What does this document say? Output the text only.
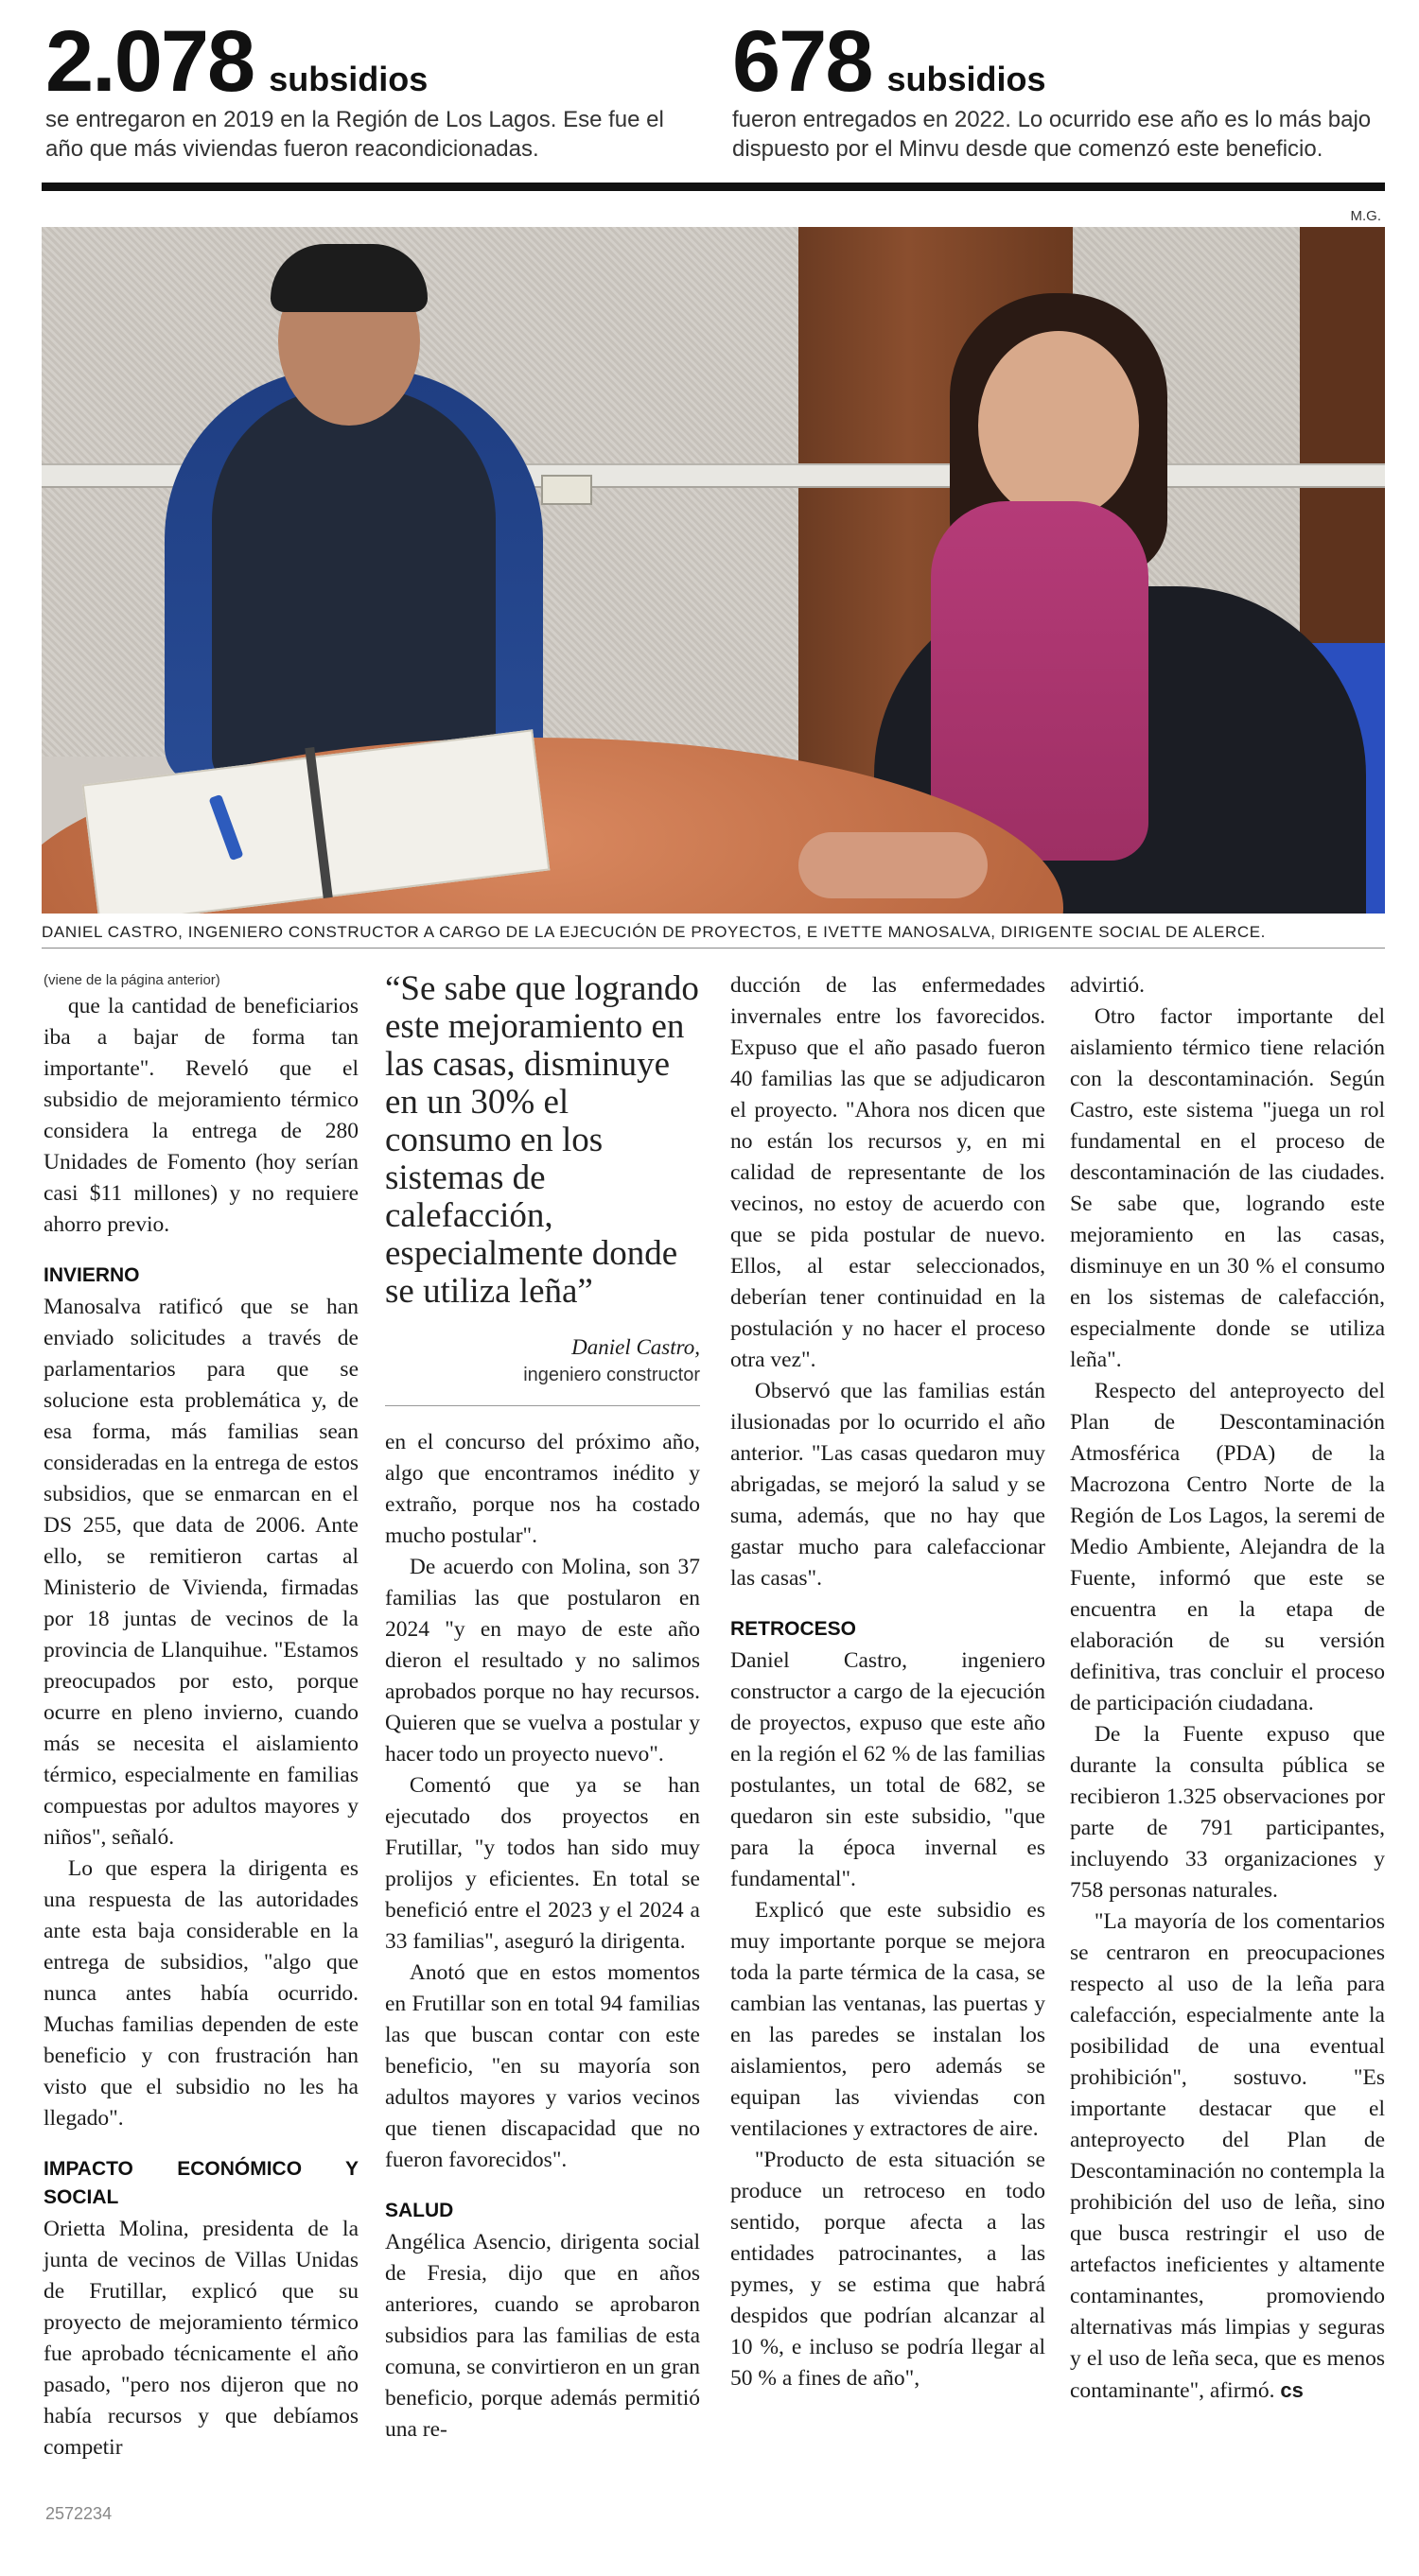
2.078 subsidios
se entregaron en 2019 en la Región de Los Lagos. Ese fue el año que más viviendas fueron reacondicionadas.
678 subsidios
fueron entregados en 2022. Lo ocurrido ese año es lo más bajo dispuesto por el Minvu desde que comenzó este beneficio.
M.G.
DANIEL CASTRO, INGENIERO CONSTRUCTOR A CARGO DE LA EJECUCIÓN DE PROYECTOS, E IVETTE MANOSALVA, DIRIGENTE SOCIAL DE ALERCE.

(viene de la página anterior)

que la cantidad de beneficiarios iba a bajar de forma tan importante". Reveló que el subsidio de mejoramiento térmico considera la entrega de 280 Unidades de Fomento (hoy serían casi $11 millones) y no requiere ahorro previo.

INVIERNO

Manosalva ratificó que se han enviado solicitudes a través de parlamentarios para que se solucione esta problemática y, de esa forma, más familias sean consideradas en la entrega de estos subsidios, que se enmarcan en el DS 255, que data de 2006. Ante ello, se remitieron cartas al Ministerio de Vivienda, firmadas por 18 juntas de vecinos de la provincia de Llanquihue. "Estamos preocupados por esto, porque ocurre en pleno invierno, cuando más se necesita el aislamiento térmico, especialmente en familias compuestas por adultos mayores y niños", señaló.

Lo que espera la dirigenta es una respuesta de las autoridades ante esta baja considerable en la entrega de subsidios, "algo que nunca antes había ocurrido. Muchas familias dependen de este beneficio y con frustración han visto que el subsidio no les ha llegado".

IMPACTO ECONÓMICO Y SOCIAL

Orietta Molina, presidenta de la junta de vecinos de Villas Unidas de Frutillar, explicó que su proyecto de mejoramiento térmico fue aprobado técnicamente el año pasado, "pero nos dijeron que no había recursos y que debíamos competir

“Se sabe que logrando este mejoramiento en las casas, disminuye en un 30% el consumo en los sistemas de calefacción, especialmente donde se utiliza leña”
Daniel Castro,
ingeniero constructor

en el concurso del próximo año, algo que encontramos inédito y extraño, porque nos ha costado mucho postular".

De acuerdo con Molina, son 37 familias las que postularon en 2024 "y en mayo de este año dieron el resultado y no salimos aprobados porque no hay recursos. Quieren que se vuelva a postular y hacer todo un proyecto nuevo".

Comentó que ya se han ejecutado dos proyectos en Frutillar, "y todos han sido muy prolijos y eficientes. En total se benefició entre el 2023 y el 2024 a 33 familias", aseguró la dirigenta.

Anotó que en estos momentos en Frutillar son en total 94 familias las que buscan contar con este beneficio, "en su mayoría son adultos mayores y varios vecinos que tienen discapacidad que no fueron favorecidos".

SALUD

Angélica Asencio, dirigenta social de Fresia, dijo que en años anteriores, cuando se aprobaron subsidios para las familias de esta comuna, se convirtieron en un gran beneficio, porque además permitió una re-

ducción de las enfermedades invernales entre los favorecidos. Expuso que el año pasado fueron 40 familias las que se adjudicaron el proyecto. "Ahora nos dicen que no están los recursos y, en mi calidad de representante de los vecinos, no estoy de acuerdo con que se pida postular de nuevo. Ellos, al estar seleccionados, deberían tener continuidad en la postulación y no hacer el proceso otra vez".

Observó que las familias están ilusionadas por lo ocurrido el año anterior. "Las casas quedaron muy abrigadas, se mejoró la salud y se suma, además, que no hay que gastar mucho para calefaccionar las casas".

RETROCESO

Daniel Castro, ingeniero constructor a cargo de la ejecución de proyectos, expuso que este año en la región el 62 % de las familias postulantes, un total de 682, se quedaron sin este subsidio, "que para la época invernal es fundamental".

Explicó que este subsidio es muy importante porque se mejora toda la parte térmica de la casa, se cambian las ventanas, las puertas y en las paredes se instalan los aislamientos, pero además se equipan las viviendas con ventilaciones y extractores de aire.

"Producto de esta situación se produce un retroceso en todo sentido, porque afecta a las entidades patrocinantes, a las pymes, y se estima que habrá despidos que podrían alcanzar al 10 %, e incluso se podría llegar al 50 % a fines de año",

advirtió.

Otro factor importante del aislamiento térmico tiene relación con la descontaminación. Según Castro, este sistema "juega un rol fundamental en el proceso de descontaminación de las ciudades. Se sabe que, logrando este mejoramiento en las casas, disminuye en un 30 % el consumo en los sistemas de calefacción, especialmente donde se utiliza leña".

Respecto del anteproyecto del Plan de Descontaminación Atmosférica (PDA) de la Macrozona Centro Norte de la Región de Los Lagos, la seremi de Medio Ambiente, Alejandra de la Fuente, informó que este se encuentra en la etapa de elaboración de su versión definitiva, tras concluir el proceso de participación ciudadana.

De la Fuente expuso que durante la consulta pública se recibieron 1.325 observaciones por parte de 791 participantes, incluyendo 33 organizaciones y 758 personas naturales.

"La mayoría de los comentarios se centraron en preocupaciones respecto al uso de la leña para calefacción, especialmente ante la posibilidad de una eventual prohibición", sostuvo. "Es importante destacar que el anteproyecto del Plan de Descontaminación no contempla la prohibición del uso de leña, sino que busca restringir el uso de artefactos ineficientes y altamente contaminantes, promoviendo alternativas más limpias y seguras y el uso de leña seca, que es menos contaminante", afirmó. cs

2572234
